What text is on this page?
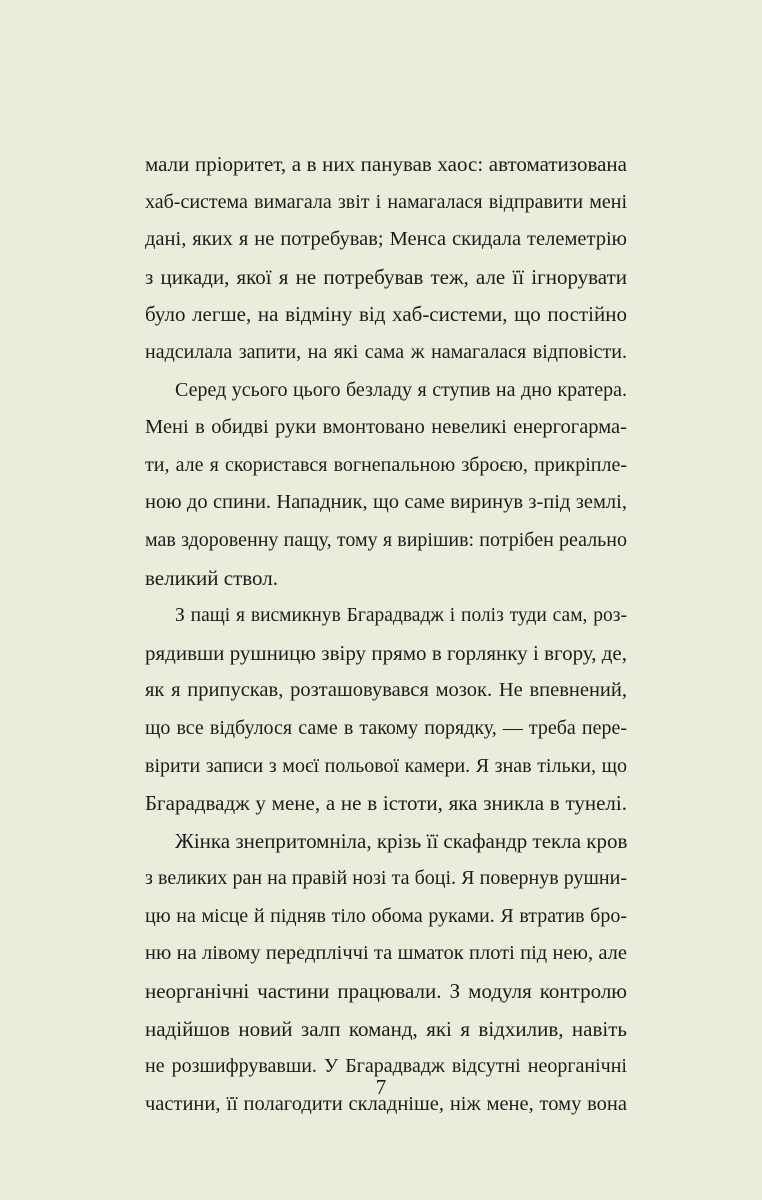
мали пріоритет, а в них панував хаос: автоматизована
хаб-система вимагала звіт і намагалася відправити мені
дані, яких я не потребував; Менса скидала телеметрію
з цикади, якої я не потребував теж, але її ігнорувати
було легше, на відміну від хаб-системи, що постійно
надсилала запити, на які сама ж намагалася відповісти.
Серед усього цього безладу я ступив на дно кратера.
Мені в обидві руки вмонтовано невеликі енергогарма-
ти, але я скористався вогнепальною зброєю, прикріпле-
ною до спини. Нападник, що саме виринув з-під землі,
мав здоровенну пащу, тому я вирішив: потрібен реально
великий ствол.
З пащі я висмикнув Бгарадвадж і поліз туди сам, роз-
рядивши рушницю звіру прямо в горлянку і вгору, де,
як я припускав, розташовувався мозок. Не впевнений,
що все відбулося саме в такому порядку, — треба пере-
вірити записи з моєї польової камери. Я знав тільки, що
Бгарадвадж у мене, а не в істоти, яка зникла в тунелі.
Жінка знепритомніла, крізь її скафандр текла кров
з великих ран на правій нозі та боці. Я повернув рушни-
цю на місце й підняв тіло обома руками. Я втратив бро-
ню на лівому передпліччі та шматок плоті під нею, але
неорганічні частини працювали. З модуля контролю
надійшов новий залп команд, які я відхилив, навіть
не розшифрувавши. У Бгарадвадж відсутні неорганічні
частини, її полагодити складніше, ніж мене, тому вона
7
